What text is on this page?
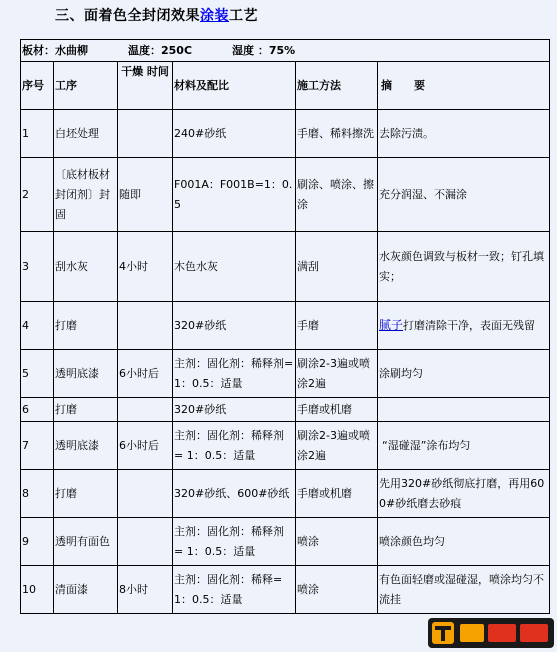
三、面着色全封闭效果涂装工艺
板材：水曲柳 温度：250C 湿度 ：75%					
序号	工序	干燥 时间	材料及配比	施工方法	摘　　要
1	白坯处理		240#砂纸	手磨、稀料擦洗	去除污渍。
2	〔底材板材封闭剂〕封固	随即	F001A：F001B=1：0.5	刷涂、喷涂、擦涂	充分润湿、不漏涂
3	刮水灰	4小时	木色水灰	满刮	水灰颜色调致与板材一致；钉孔填实；
4	打磨		320#砂纸	手磨	腻子打磨清除干净，表面无残留
5	透明底漆	6小时后	主剂：固化剂：稀释剂=1：0.5：适量	刷涂2-3遍或喷涂2遍	涂刷均匀
6	打磨		320#砂纸	手磨或机磨	
7	透明底漆	6小时后	主剂：固化剂：稀释剂 = 1：0.5：适量	刷涂2-3遍或喷涂2遍	“湿碰湿”涂布均匀
8	打磨		320#砂纸、600#砂纸	手磨或机磨	先用320#砂纸彻底打磨，再用600#砂纸磨去砂痕
9	透明有面色		主剂：固化剂：稀释剂 = 1：0.5：适量	喷涂	喷涂颜色均匀
10	清面漆	8小时	主剂：固化剂：稀释= 1：0.5：适量	喷涂	有色面轻磨或湿碰湿，喷涂均匀不流挂
